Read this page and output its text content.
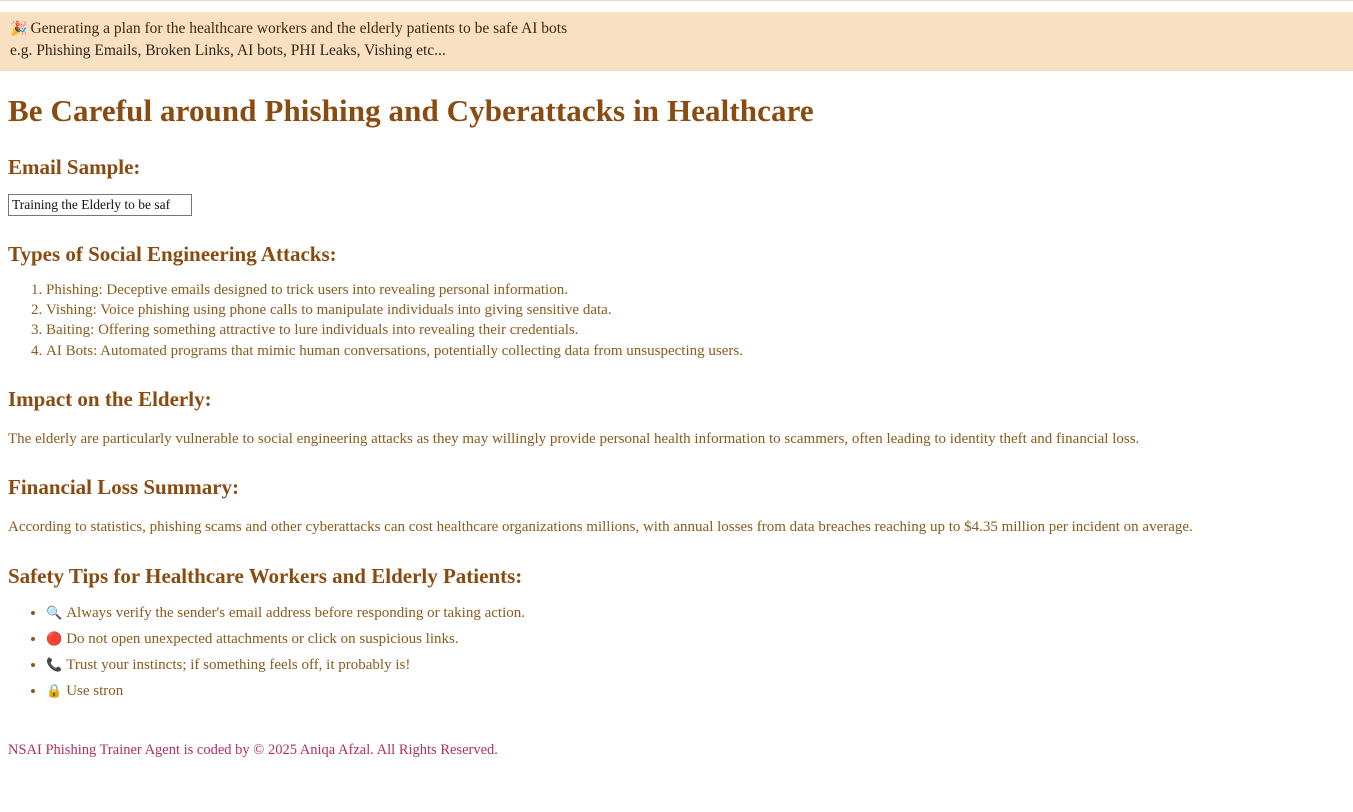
🎉 Generating a plan for the healthcare workers and the elderly patients to be safe AI bots
e.g. Phishing Emails, Broken Links, AI bots, PHI Leaks, Vishing etc...
Be Careful around Phishing and Cyberattacks in Healthcare
Email Sample:
Training the Elderly to be saf
Types of Social Engineering Attacks:
1. Phishing: Deceptive emails designed to trick users into revealing personal information.
2. Vishing: Voice phishing using phone calls to manipulate individuals into giving sensitive data.
3. Baiting: Offering something attractive to lure individuals into revealing their credentials.
4. AI Bots: Automated programs that mimic human conversations, potentially collecting data from unsuspecting users.
Impact on the Elderly:

The elderly are particularly vulnerable to social engineering attacks as they may willingly provide personal health information to scammers, often leading to identity theft and financial loss.

Financial Loss Summary:

According to statistics, phishing scams and other cyberattacks can cost healthcare organizations millions, with annual losses from data breaches reaching up to $4.35 million per incident on average.

Safety Tips for Healthcare Workers and Elderly Patients:
• 🔍 Always verify the sender's email address before responding or taking action.
• 🔴 Do not open unexpected attachments or click on suspicious links.
• 📞 Trust your instincts; if something feels off, it probably is!
• 🔒 Use stron
NSAI Phishing Trainer Agent is coded by © 2025 Aniqa Afzal. All Rights Reserved.
